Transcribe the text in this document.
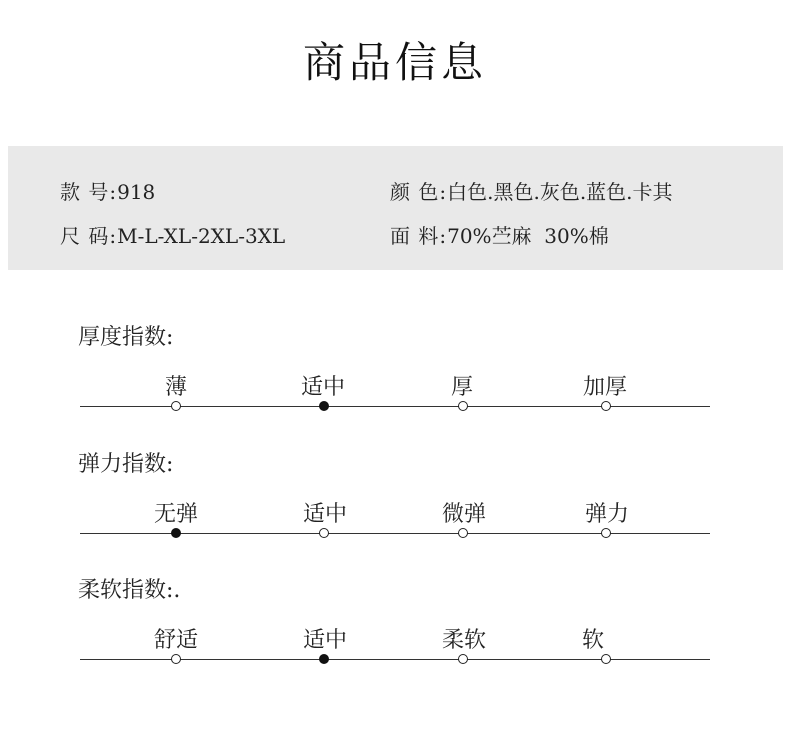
商品信息
款 号:918
尺 码:M-L-XL-2XL-3XL
颜 色:白色.黑色.灰色.蓝色.卡其
面 料:70%苎麻  30%棉
厚度指数:
薄	适中	厚	加厚
弹力指数:
无弹	适中	微弹	弹力
柔软指数:.
舒适	适中	柔软	软
